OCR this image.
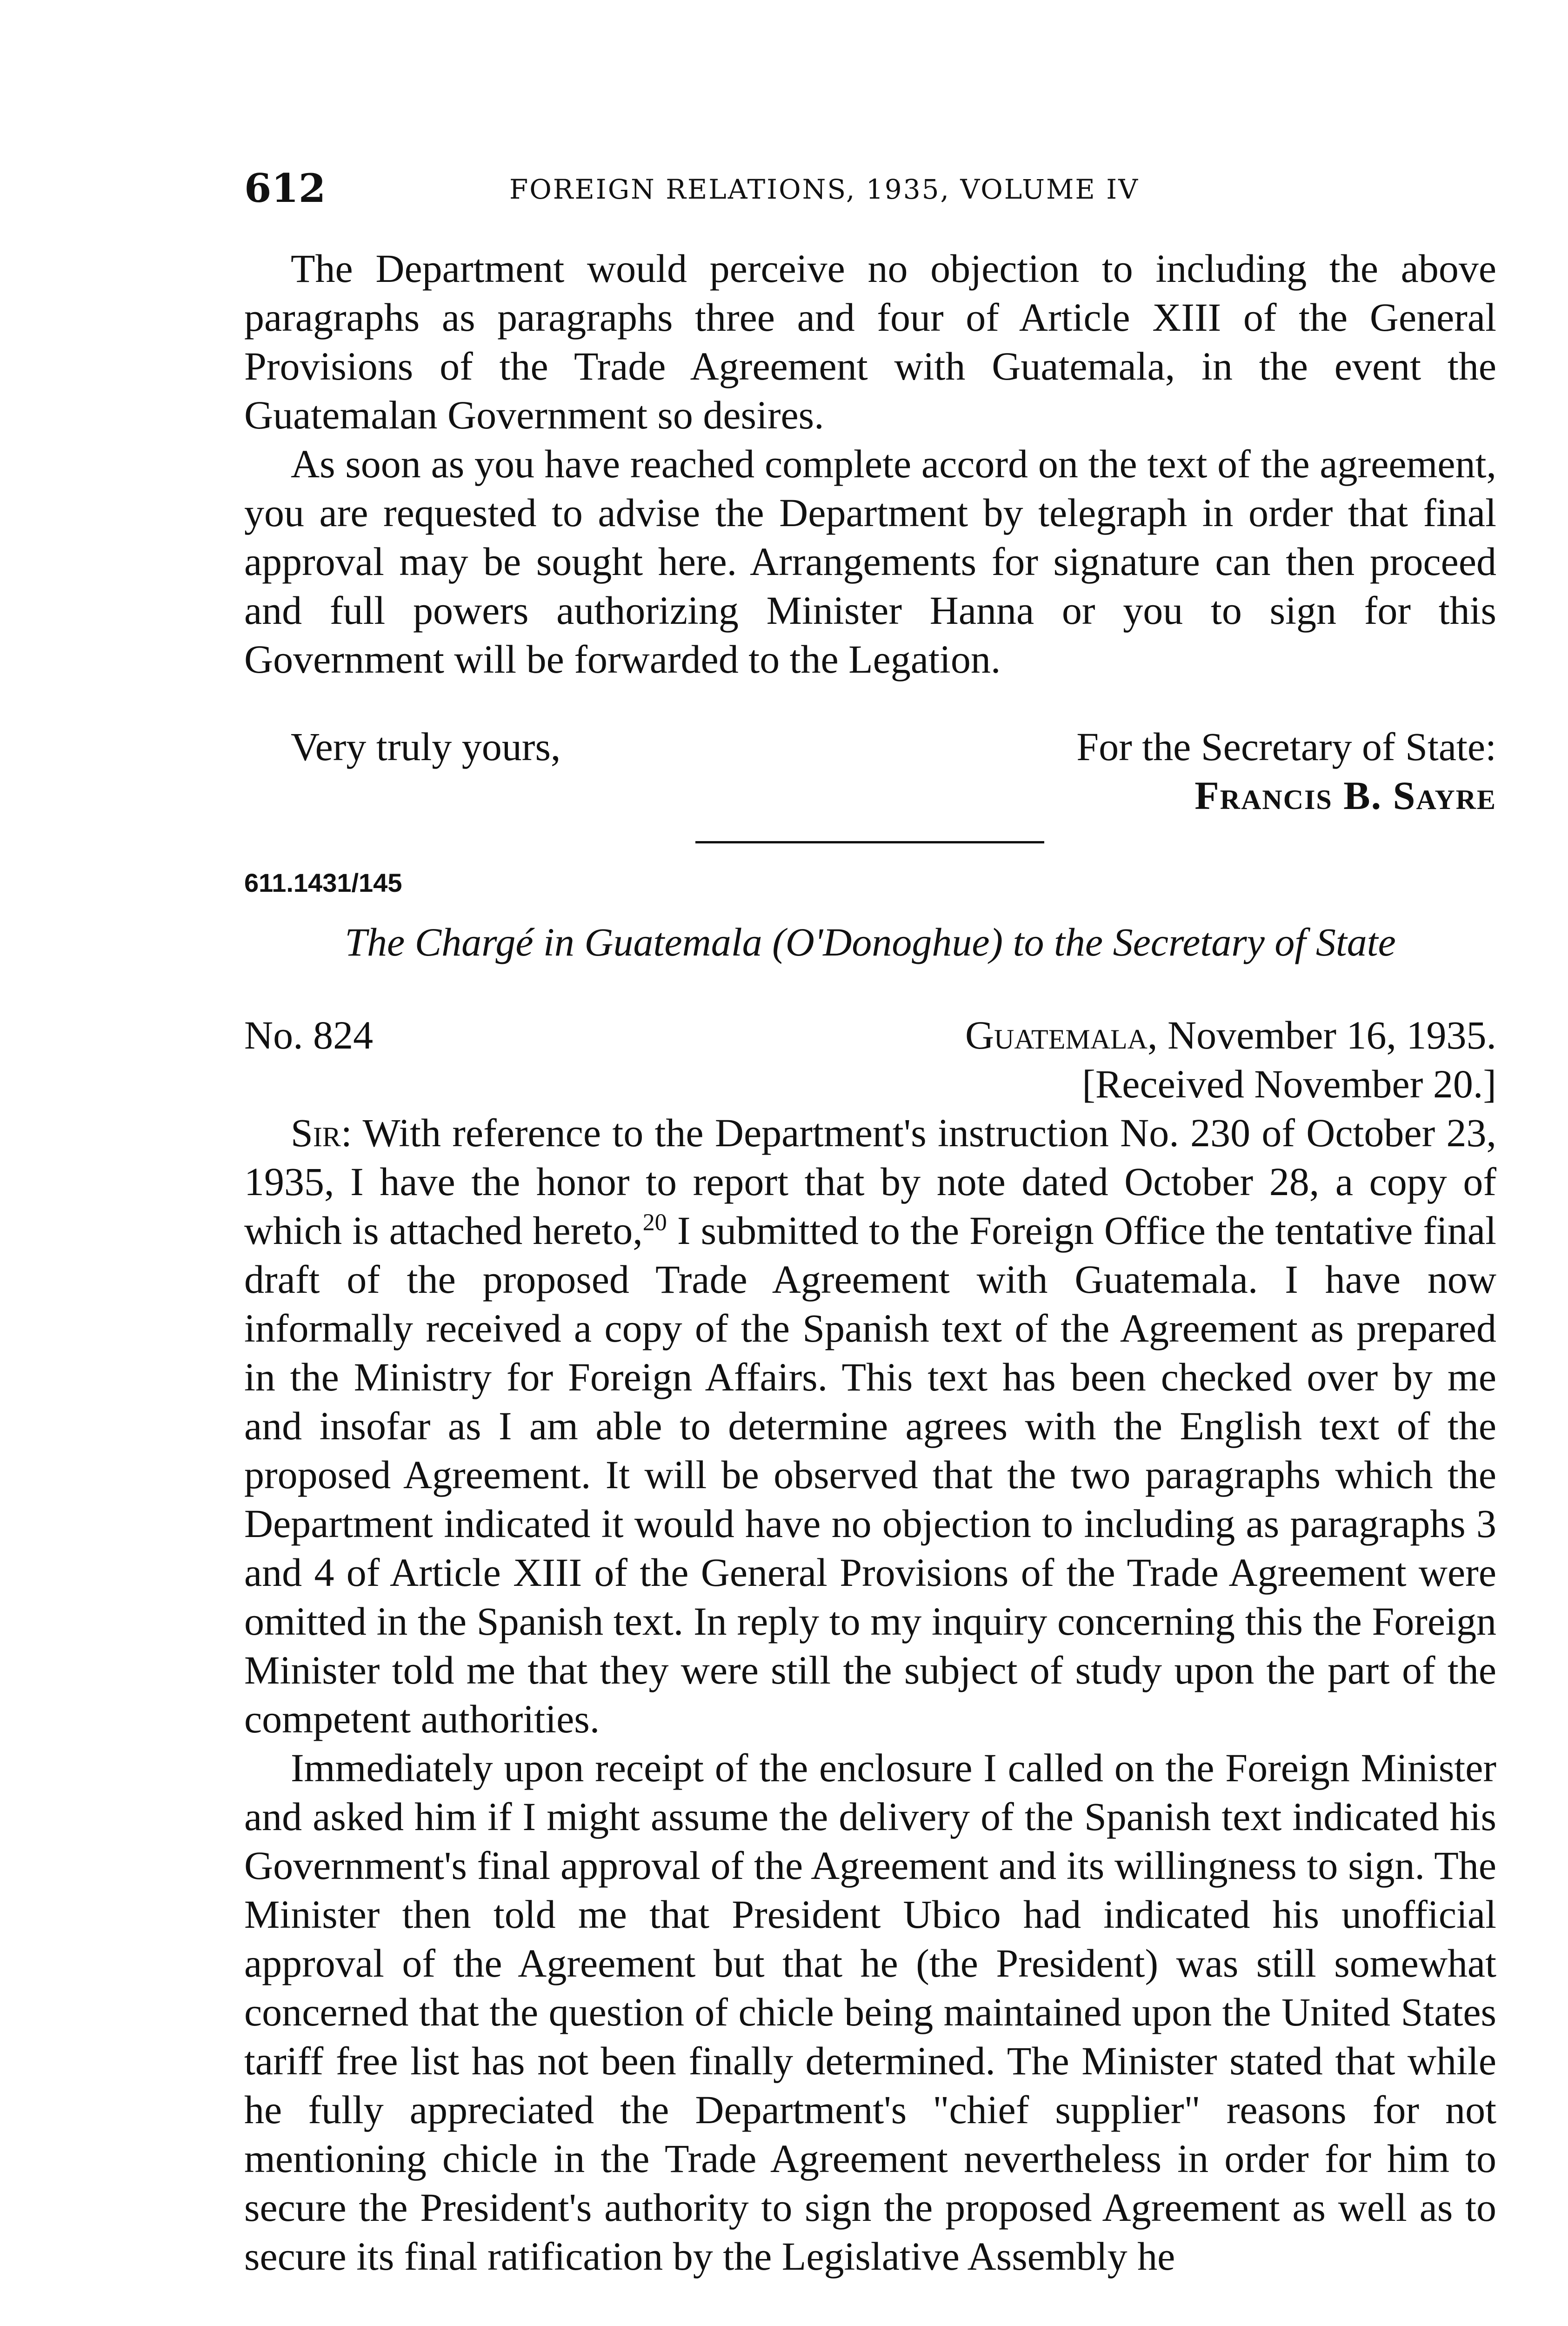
612	FOREIGN RELATIONS, 1935, VOLUME IV

The Department would perceive no objection to including the above paragraphs as paragraphs three and four of Article XIII of the General Provisions of the Trade Agreement with Guatemala, in the event the Guatemalan Government so desires.

As soon as you have reached complete accord on the text of the agreement, you are requested to advise the Department by telegraph in order that final approval may be sought here. Arrangements for signature can then proceed and full powers authorizing Minister Hanna or you to sign for this Government will be forwarded to the Legation.

Very truly yours,	For the Secretary of State:
Francis B. Sayre
611.1431/145
The Chargé in Guatemala (O'Donoghue) to the Secretary of State
No. 824	Guatemala, November 16, 1935.
[Received November 20.]

Sir: With reference to the Department's instruction No. 230 of October 23, 1935, I have the honor to report that by note dated October 28, a copy of which is attached hereto,$^{20}$ I submitted to the Foreign Office the tentative final draft of the proposed Trade Agreement with Guatemala. I have now informally received a copy of the Spanish text of the Agreement as prepared in the Ministry for Foreign Affairs. This text has been checked over by me and insofar as I am able to determine agrees with the English text of the proposed Agreement. It will be observed that the two paragraphs which the Department indicated it would have no objection to including as paragraphs 3 and 4 of Article XIII of the General Provisions of the Trade Agreement were omitted in the Spanish text. In reply to my inquiry concerning this the Foreign Minister told me that they were still the subject of study upon the part of the competent authorities.

Immediately upon receipt of the enclosure I called on the Foreign Minister and asked him if I might assume the delivery of the Spanish text indicated his Government's final approval of the Agreement and its willingness to sign. The Minister then told me that President Ubico had indicated his unofficial approval of the Agreement but that he (the President) was still somewhat concerned that the question of chicle being maintained upon the United States tariff free list has not been finally determined. The Minister stated that while he fully appreciated the Department's "chief supplier" reasons for not mentioning chicle in the Trade Agreement nevertheless in order for him to secure the President's authority to sign the proposed Agreement as well as to secure its final ratification by the Legislative Assembly he
